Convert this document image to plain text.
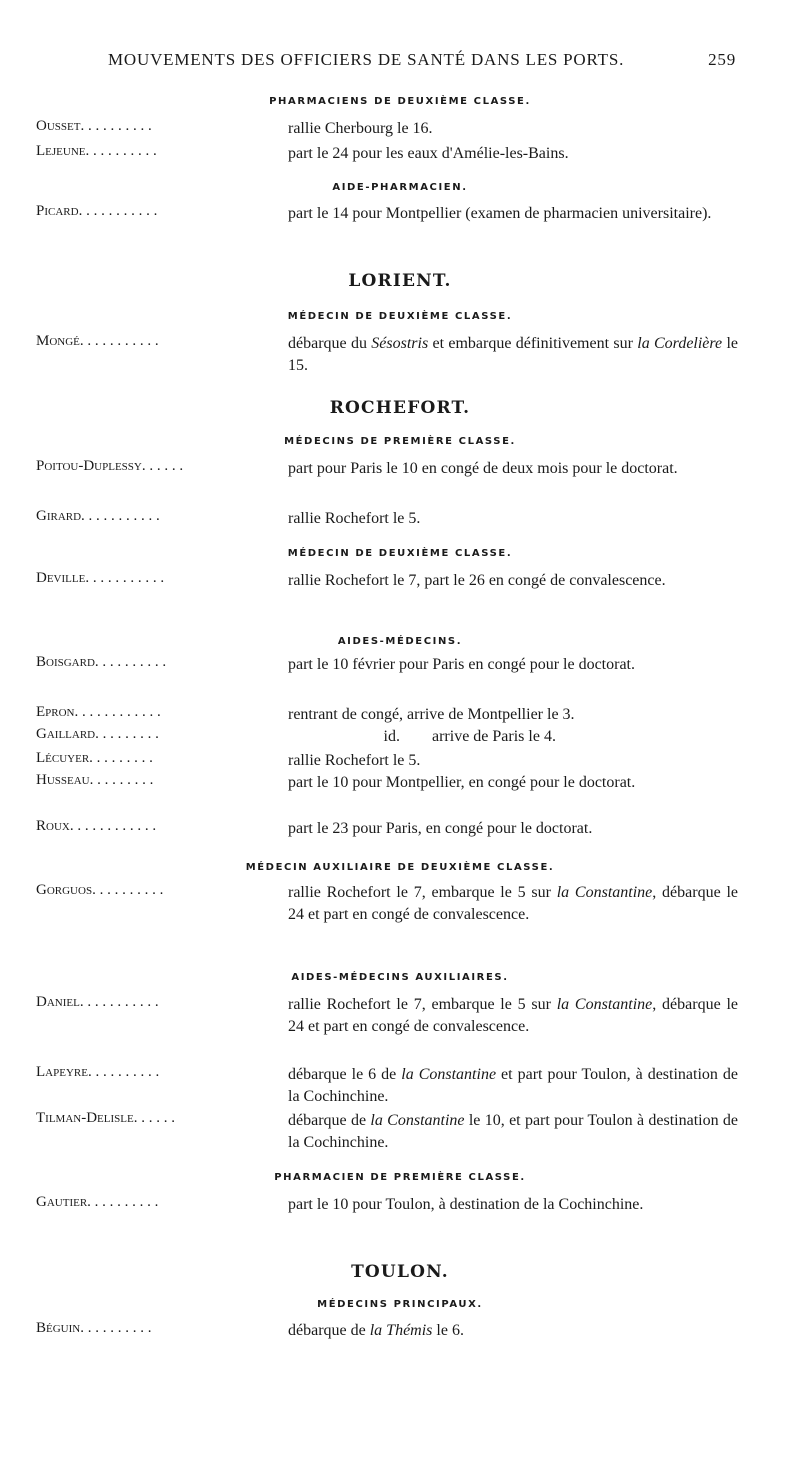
MOUVEMENTS DES OFFICIERS DE SANTÉ DANS LES PORTS.	259
PHARMACIENS DE DEUXIÈME CLASSE.
Ousset. . . . . . . . . .	rallie Cherbourg le 16.
Lejeune. . . . . . . . . .	part le 24 pour les eaux d'Amélie-les-Bains.
AIDE-PHARMACIEN.
Picard. . . . . . . . . . .	part le 14 pour Montpellier (examen de pharmacien universitaire).
LORIENT.
MÉDECIN DE DEUXIÈME CLASSE.
Mongé. . . . . . . . . . .	débarque du Sésostris et embarque définitivement sur la Cordelière le 15.
ROCHEFORT.
MÉDECINS DE PREMIÈRE CLASSE.
Poitou-Duplessy. . . . . .	part pour Paris le 10 en congé de deux mois pour le doctorat.
Girard. . . . . . . . . . .	rallie Rochefort le 5.
MÉDECIN DE DEUXIÈME CLASSE.
Deville. . . . . . . . . . .	rallie Rochefort le 7, part le 26 en congé de convalescence.
AIDES-MÉDECINS.
Boisgard. . . . . . . . . .	part le 10 février pour Paris en congé pour le doctorat.
Epron. . . . . . . . . . . .	rentrant de congé, arrive de Montpellier le 3.
Gaillard. . . . . . . . .	id. arrive de Paris le 4.
Lécuyer. . . . . . . . .	rallie Rochefort le 5.
Husseau. . . . . . . . .	part le 10 pour Montpellier, en congé pour le doctorat.
Roux. . . . . . . . . . . .	part le 23 pour Paris, en congé pour le doctorat.
MÉDECIN AUXILIAIRE DE DEUXIÈME CLASSE.
Gorguos. . . . . . . . . .	rallie Rochefort le 7, embarque le 5 sur la Constantine, débarque le 24 et part en congé de convalescence.
AIDES-MÉDECINS AUXILIAIRES.
Daniel. . . . . . . . . . .	rallie Rochefort le 7, embarque le 5 sur la Constantine, débarque le 24 et part en congé de convalescence.
Lapeyre. . . . . . . . . .	débarque le 6 de la Constantine et part pour Toulon, à destination de la Cochinchine.
Tilman-Delisle. . . . . .	débarque de la Constantine le 10, et part pour Toulon à destination de la Cochinchine.
PHARMACIEN DE PREMIÈRE CLASSE.
Gautier. . . . . . . . . .	part le 10 pour Toulon, à destination de la Cochinchine.
TOULON.
MÉDECINS PRINCIPAUX.
Béguin. . . . . . . . . .	débarque de la Thémis le 6.
